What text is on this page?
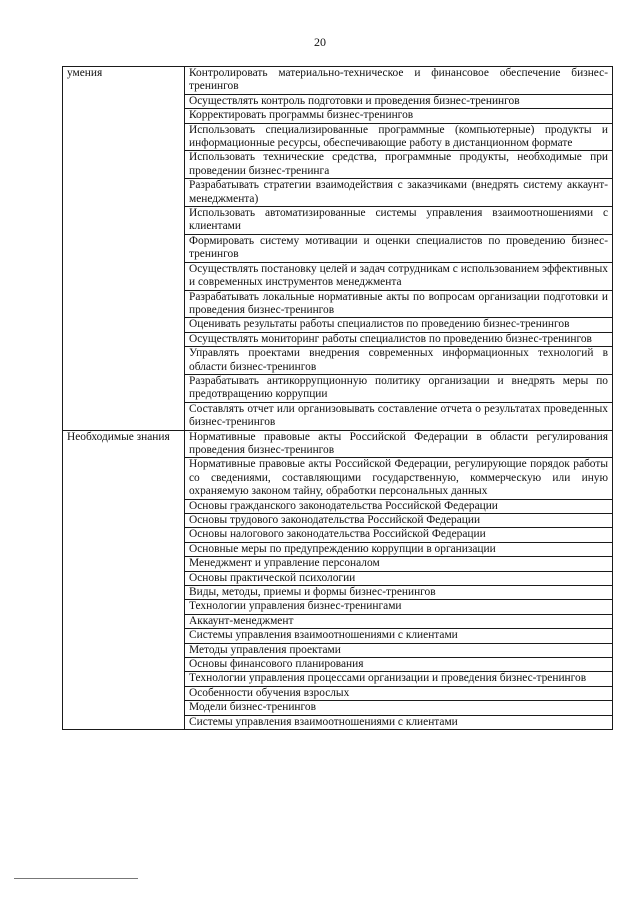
20
умения	Контролировать материально-техническое и финансовое обеспечение бизнес-тренингов
	Осуществлять контроль подготовки и проведения бизнес-тренингов
	Корректировать программы бизнес-тренингов
	Использовать специализированные программные (компьютерные) продукты и информационные ресурсы, обеспечивающие работу в дистанционном формате
	Использовать технические средства, программные продукты, необходимые при проведении бизнес-тренинга
	Разрабатывать стратегии взаимодействия с заказчиками (внедрять систему аккаунт-менеджмента)
	Использовать автоматизированные системы управления взаимоотношениями с клиентами
	Формировать систему мотивации и оценки специалистов по проведению бизнес-тренингов
	Осуществлять постановку целей и задач сотрудникам с использованием эффективных и современных инструментов менеджмента
	Разрабатывать локальные нормативные акты по вопросам организации подготовки и проведения бизнес-тренингов
	Оценивать результаты работы специалистов по проведению бизнес-тренингов
	Осуществлять мониторинг работы специалистов по проведению бизнес-тренингов
	Управлять проектами внедрения современных информационных технологий в области бизнес-тренингов
	Разрабатывать антикоррупционную политику организации и внедрять меры по предотвращению коррупции
	Составлять отчет или организовывать составление отчета о результатах проведенных бизнес-тренингов
Необходимые знания	Нормативные правовые акты Российской Федерации в области регулирования проведения бизнес-тренингов
	Нормативные правовые акты Российской Федерации, регулирующие порядок работы со сведениями, составляющими государственную, коммерческую или иную охраняемую законом тайну, обработки персональных данных
	Основы гражданского законодательства Российской Федерации
	Основы трудового законодательства Российской Федерации
	Основы налогового законодательства Российской Федерации
	Основные меры по предупреждению коррупции в организации
	Менеджмент и управление персоналом
	Основы практической психологии
	Виды, методы, приемы и формы бизнес-тренингов
	Технологии управления бизнес-тренингами
	Аккаунт-менеджмент
	Системы управления взаимоотношениями с клиентами
	Методы управления проектами
	Основы финансового планирования
	Технологии управления процессами организации и проведения бизнес-тренингов
	Особенности обучения взрослых
	Модели бизнес-тренингов
	Системы управления взаимоотношениями с клиентами
